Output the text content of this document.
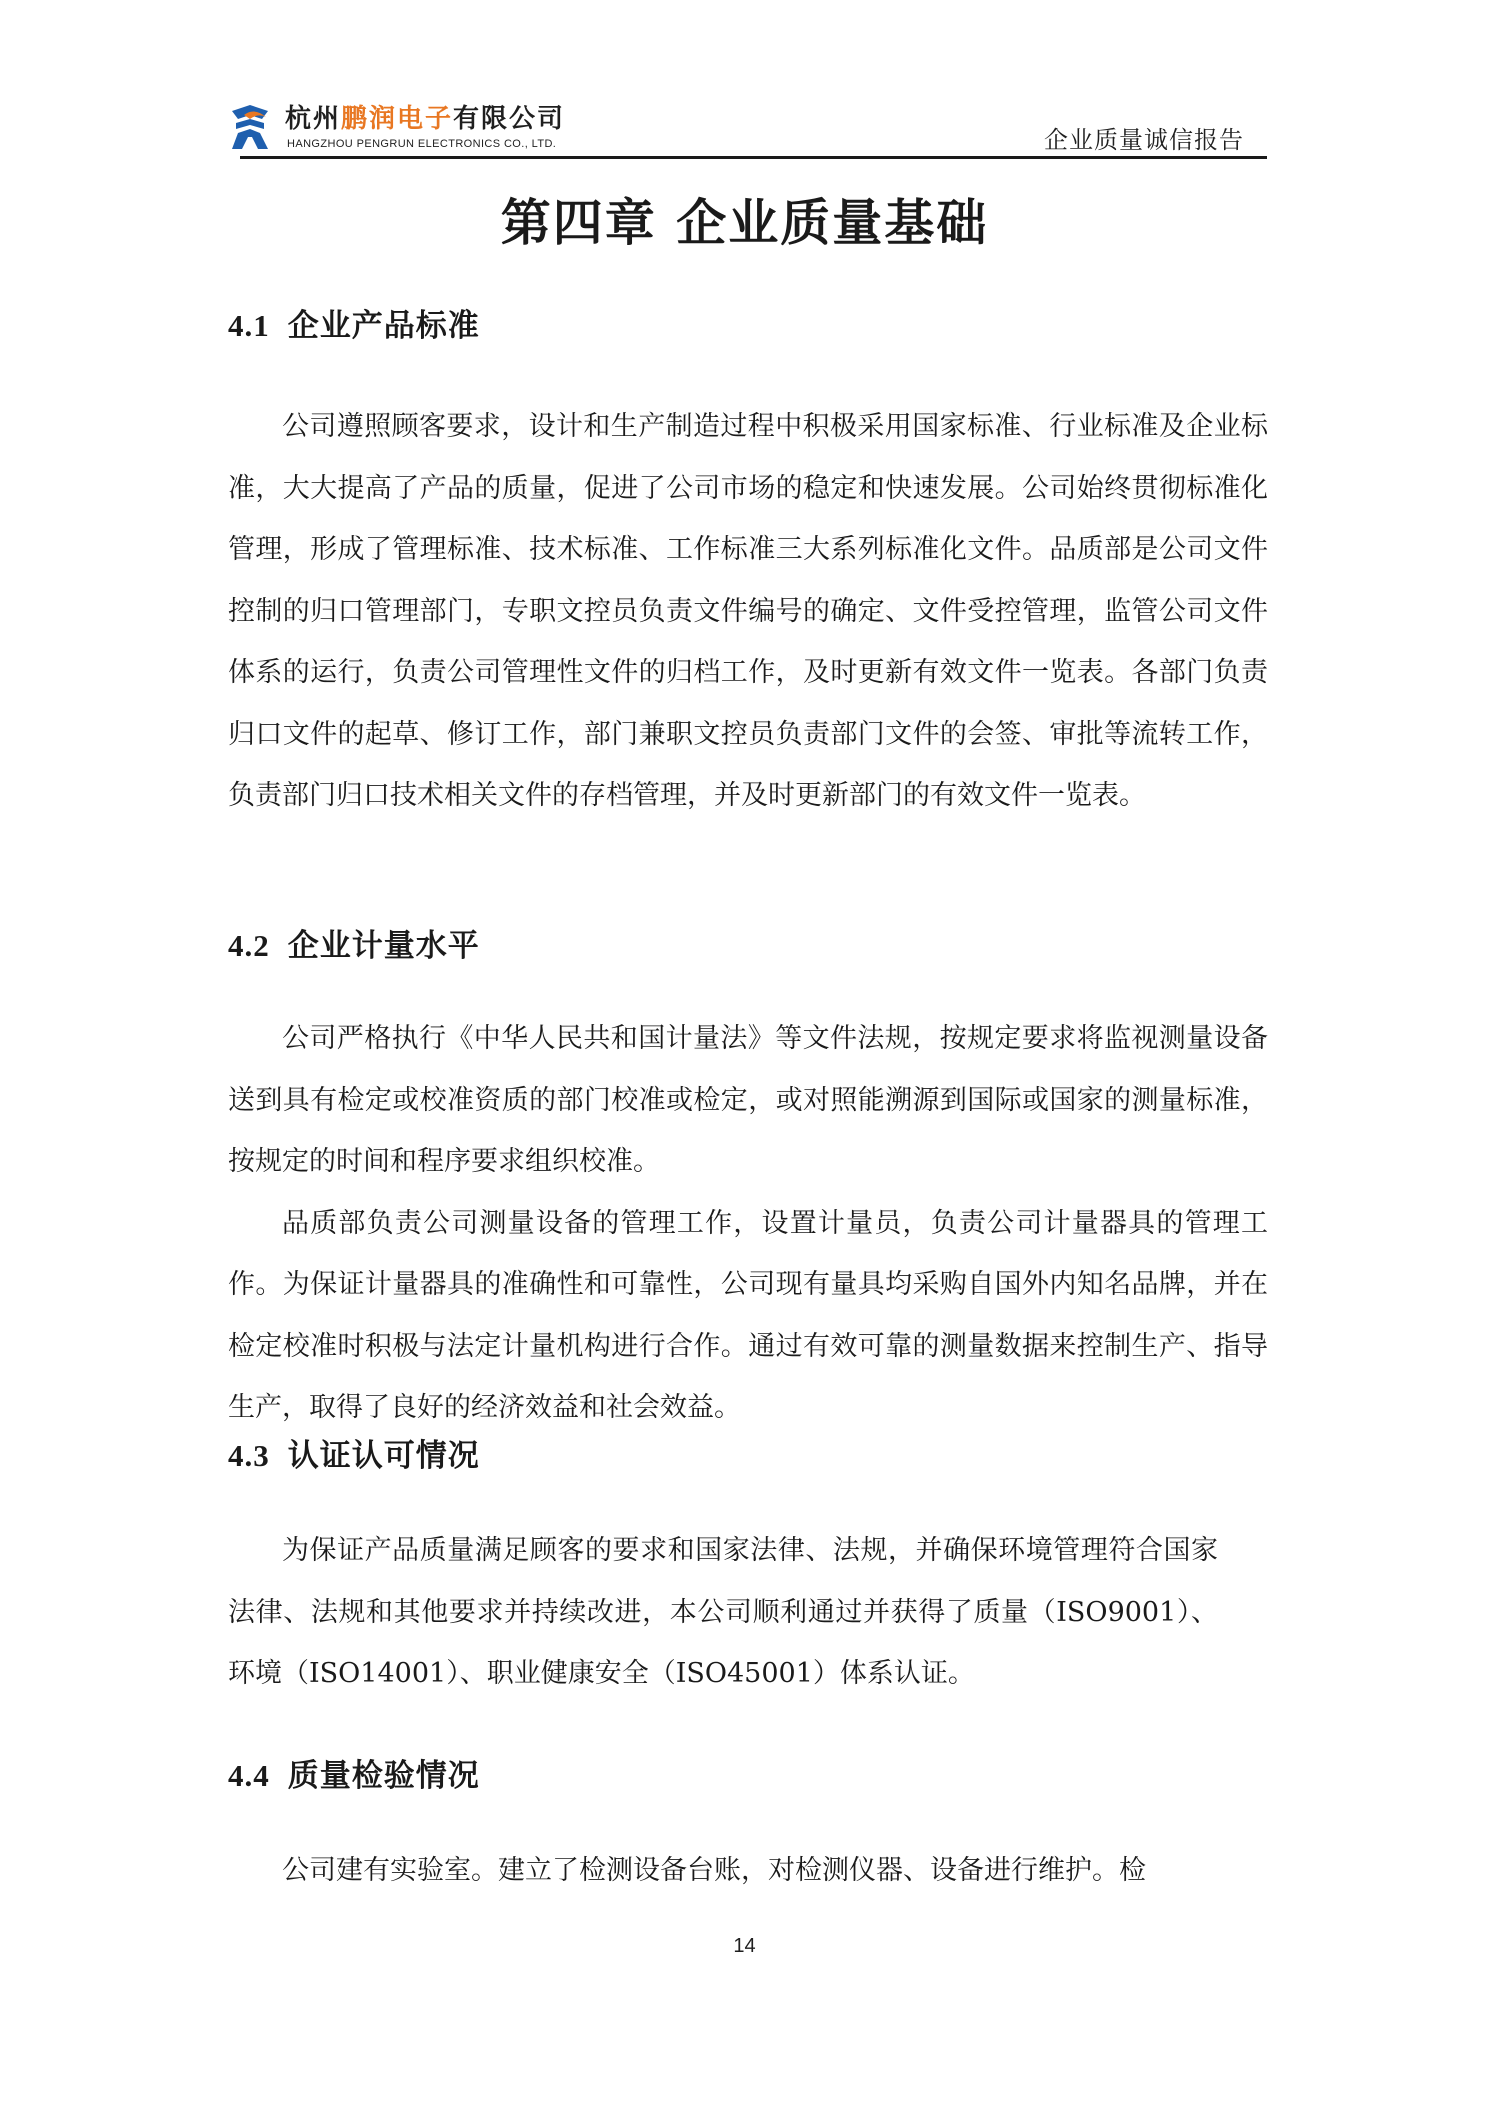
杭州鹏润电子有限公司
HANGZHOU PENGRUN ELECTRONICS CO., LTD.	企业质量诚信报告
第四章 企业质量基础
4.1 企业产品标准

公司遵照顾客要求，设计和生产制造过程中积极采用国家标准、行业标准及企业标准，大大提高了产品的质量，促进了公司市场的稳定和快速发展。公司始终贯彻标准化管理，形成了管理标准、技术标准、工作标准三大系列标准化文件。品质部是公司文件控制的归口管理部门，专职文控员负责文件编号的确定、文件受控管理，监管公司文件体系的运行，负责公司管理性文件的归档工作，及时更新有效文件一览表。各部门负责归口文件的起草、修订工作，部门兼职文控员负责部门文件的会签、审批等流转工作，负责部门归口技术相关文件的存档管理，并及时更新部门的有效文件一览表。

4.2 企业计量水平

公司严格执行《中华人民共和国计量法》等文件法规，按规定要求将监视测量设备送到具有检定或校准资质的部门校准或检定，或对照能溯源到国际或国家的测量标准，按规定的时间和程序要求组织校准。

品质部负责公司测量设备的管理工作，设置计量员，负责公司计量器具的管理工作。为保证计量器具的准确性和可靠性，公司现有量具均采购自国外内知名品牌，并在检定校准时积极与法定计量机构进行合作。通过有效可靠的测量数据来控制生产、指导生产，取得了良好的经济效益和社会效益。

4.3 认证认可情况

为保证产品质量满足顾客的要求和国家法律、法规，并确保环境管理符合国家法律、法规和其他要求并持续改进，本公司顺利通过并获得了质量（ISO9001）、环境（ISO14001）、职业健康安全（ISO45001）体系认证。

4.4 质量检验情况

公司建有实验室。建立了检测设备台账，对检测仪器、设备进行维护。检

14
